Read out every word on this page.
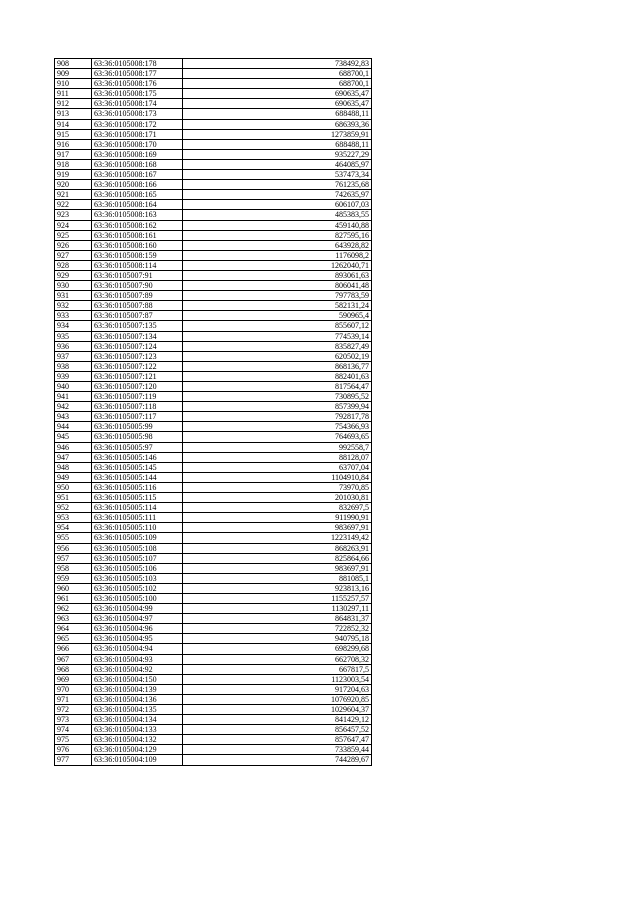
908	63:36:0105008:178	738492,83
909	63:36:0105008:177	688700,1
910	63:36:0105008:176	688700,1
911	63:36:0105008:175	690635,47
912	63:36:0105008:174	690635,47
913	63:36:0105008:173	688488,11
914	63:36:0105008:172	686393,36
915	63:36:0105008:171	1273859,91
916	63:36:0105008:170	688488,11
917	63:36:0105008:169	935227,29
918	63:36:0105008:168	464085,97
919	63:36:0105008:167	537473,34
920	63:36:0105008:166	761235,68
921	63:36:0105008:165	742635,97
922	63:36:0105008:164	606107,03
923	63:36:0105008:163	485383,55
924	63:36:0105008:162	459140,88
925	63:36:0105008:161	827595,16
926	63:36:0105008:160	643928,82
927	63:36:0105008:159	1176098,2
928	63:36:0105008:114	1262040,71
929	63:36:0105007:91	893061,63
930	63:36:0105007:90	806041,48
931	63:36:0105007:89	797783,59
932	63:36:0105007:88	582131,24
933	63:36:0105007:87	590965,4
934	63:36:0105007:135	855607,12
935	63:36:0105007:134	774539,14
936	63:36:0105007:124	835827,49
937	63:36:0105007:123	620502,19
938	63:36:0105007:122	868136,77
939	63:36:0105007:121	882401,63
940	63:36:0105007:120	817564,47
941	63:36:0105007:119	730895,52
942	63:36:0105007:118	857399,94
943	63:36:0105007:117	792817,78
944	63:36:0105005:99	754366,93
945	63:36:0105005:98	764693,65
946	63:36:0105005:97	992558,7
947	63:36:0105005:146	88128,07
948	63:36:0105005:145	63707,04
949	63:36:0105005:144	1104910,84
950	63:36:0105005:116	73970,85
951	63:36:0105005:115	201030,81
952	63:36:0105005:114	832697,5
953	63:36:0105005:111	911990,91
954	63:36:0105005:110	983697,91
955	63:36:0105005:109	1223149,42
956	63:36:0105005:108	868263,91
957	63:36:0105005:107	825864,66
958	63:36:0105005:106	983697,91
959	63:36:0105005:103	881085,1
960	63:36:0105005:102	923813,16
961	63:36:0105005:100	1155257,57
962	63:36:0105004:99	1130297,11
963	63:36:0105004:97	864831,37
964	63:36:0105004:96	722852,32
965	63:36:0105004:95	940795,18
966	63:36:0105004:94	698299,68
967	63:36:0105004:93	662708,32
968	63:36:0105004:92	667817,5
969	63:36:0105004:150	1123003,54
970	63:36:0105004:139	917204,63
971	63:36:0105004:136	1076920,85
972	63:36:0105004:135	1029604,37
973	63:36:0105004:134	841429,12
974	63:36:0105004:133	856457,52
975	63:36:0105004:132	857647,47
976	63:36:0105004:129	733859,44
977	63:36:0105004:109	744289,67
